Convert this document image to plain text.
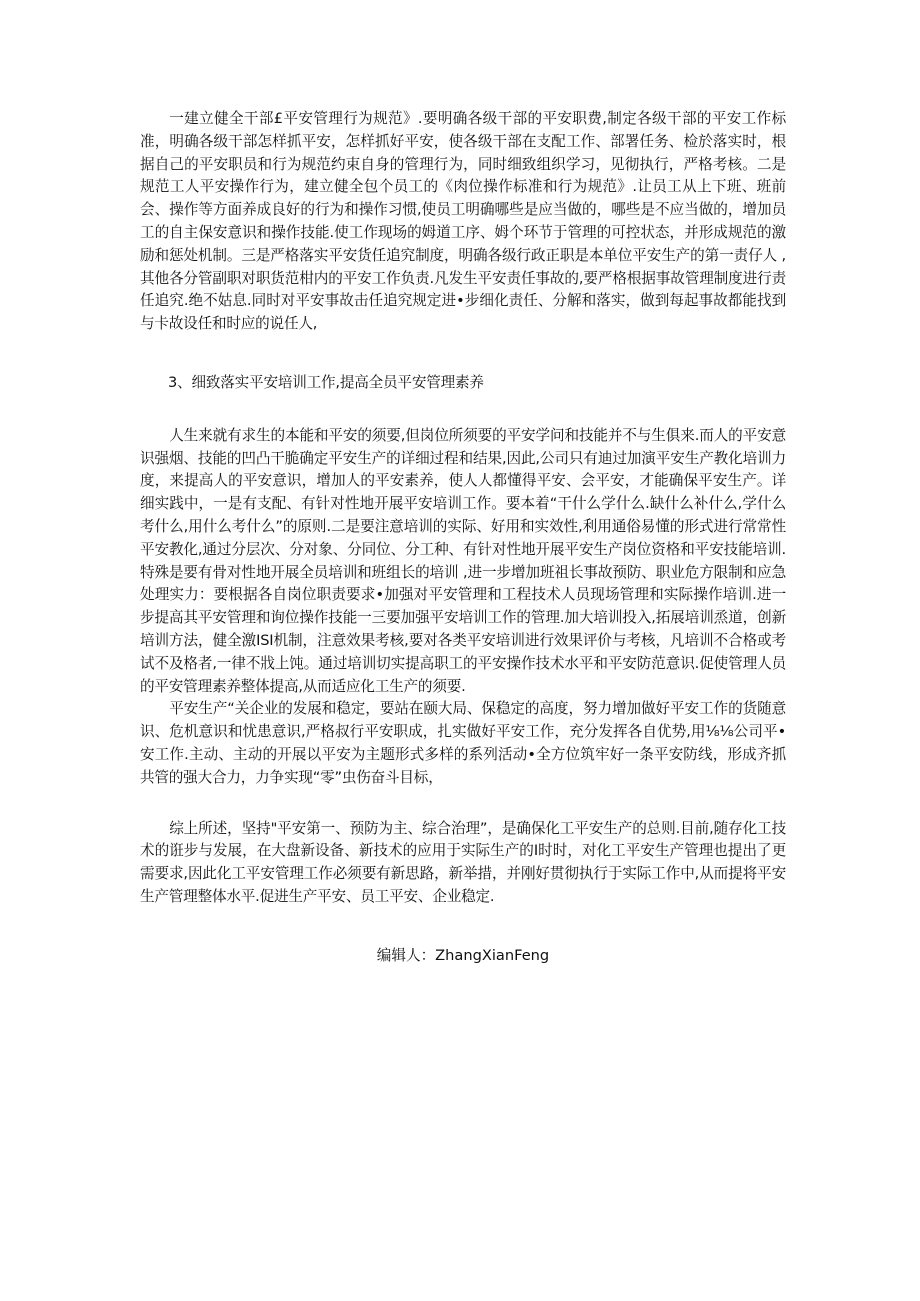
一建立健全干部£平安管理行为规范》.要明确各级干部的平安职费,制定各级干部的平安工作标准，明确各级干部怎样抓平安，怎样抓好平安，使各级干部在支配工作、部署任务、检於落实时，根据自己的平安职员和行为规范约束自身的管理行为，同时细致组织学习，见彻执行，严格考核。二是规范工人平安操作行为，建立健全包个员工的《肉位操作标准和行为规范》.让员工从上下班、班前会、操作等方面养成良好的行为和操作习惯,使员工明确哪些是应当做的，哪些是不应当做的，增加员工的自主保安意识和操作技能.使工作现场的姆道工序、姆个环节于管理的可控状态，并形成规范的激励和惩处机制。三是严格落实平安货任追究制度，明确各级行政正职是本单位平安生产的第一责仔人 ,其他各分管副职对职货范柑内的平安工作负责.凡发生平安责任事故的,要严格根据事故管理制度进行责任追究.绝不姑息.同时对平安事故击任追究规定进•步细化责任、分解和落实，做到每起事故都能找到与卡故设任和时应的说任人,

3、细致落实平安培训工作,提高全员平安管理素养

人生来就有求生的本能和平安的须要,但岗位所须要的平安学问和技能并不与生俱来.而人的平安意识强烟、技能的凹凸干脆确定平安生产的详细过程和结果,因此,公司只有迪过加演平安生产教化培训力度，来提高人的平安意识，增加人的平安素养，使人人都懂得平安、会平安，才能确保平安生产。详细实践中，一是有支配、有针对性地开展平安培训工作。要本着“干什么学什么.缺什么补什么,学什么考什么,用什么考什么”的原则.二是要注意培训的实际、好用和实效性,利用通俗易懂的形式进行常常性平安教化,通过分层次、分对象、分同位、分工种、有针对性地开展平安生产岗位资格和平安技能培训.特殊是要有骨对性地开展全员培训和班组长的培训 ,进一步增加班祖长事故预防、职业危方限制和应急处理实力：要根据各自岗位职责要求•加强对平安管理和工程技术人员现场管理和实际操作培训.进一步提高其平安管理和询位操作技能一三要加强平安培训工作的管理.加大培训投入,拓展培训烝道，创新培训方法，健全激ISI机制，注意效果考核,要对各类平安培训进行效果评价与考核，凡培训不合格或考试不及格者,一律不戕上饨。通过培训切实提高职工的平安操作技术水平和平安防范意识.促使管理人员的平安管理素养整体提高,从而适应化工生产的须要.

平安生产“关企业的发展和稳定，要站在颐大局、保稳定的高度，努力增加做好平安工作的货随意识、危机意识和忧患意识,严格叔行平安职成，扎实做好平安工作，充分发挥各自优势,用⅛⅛公司平•安工作.主动、主动的开展以平安为主题形式多样的系列活动•全方位筑牢好一条平安防线，形成齐抓共管的强大合力，力争实现“零”虫伤奋斗目标，

综上所述，坚持"平安第一、预防为主、综合治理”，是确保化工平安生产的总则.目前,随存化工技术的诳步与发展，在大盘新设备、新技术的应用于实际生产的I时时，对化工平安生产管理也提出了更需要求,因此化工平安管理工作必须要有新思路，新举措，并刚好贯彻执行于实际工作中,从而提将平安生产管理整体水平.促进生产平安、员工平安、企业稳定.

编辑人：ZhangXianFeng
